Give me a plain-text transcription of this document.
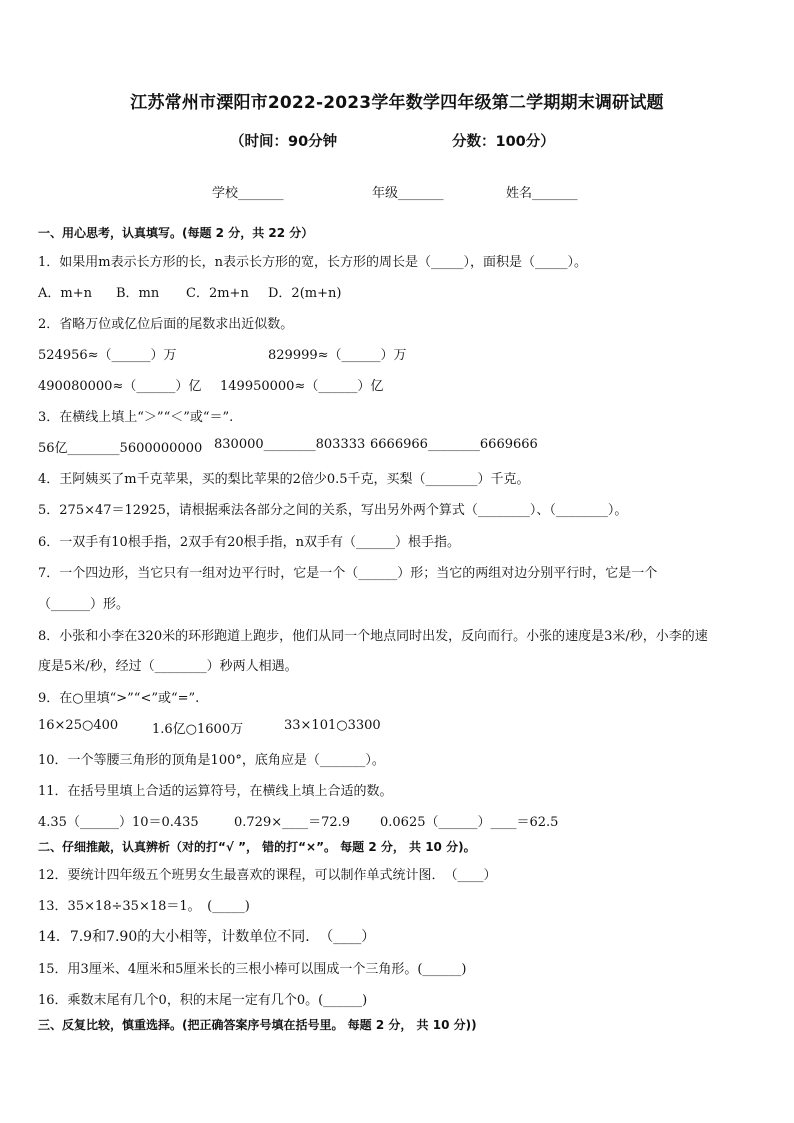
江苏常州市溧阳市2022-2023学年数学四年级第二学期期末调研试题
（时间：90分钟	分数：100分）
学校_______	年级_______	姓名_______
一、用心思考，认真填写。(每题 2 分，共 22 分）
1．如果用m表示长方形的长，n表示长方形的宽，长方形的周长是（_____），面积是（_____）。
A．m+n B．mn C．2m+n D．2(m+n)
2．省略万位或亿位后面的尾数求出近似数。
524956≈（______）万	829999≈（______）万
490080000≈（______）亿 149950000≈（______）亿
3．在横线上填上“＞”“＜”或“＝”.
56亿________5600000000 830000________803333 6666966________6669666
4．王阿姨买了m千克苹果，买的梨比苹果的2倍少0.5千克，买梨（________）千克。
5．275×47＝12925，请根据乘法各部分之间的关系，写出另外两个算式（________）、（________）。
6．一双手有10根手指，2双手有20根手指，n双手有（______）根手指。
7．一个四边形，当它只有一组对边平行时，它是一个（______）形；当它的两组对边分别平行时，它是一个
（______）形。
8．小张和小李在320米的环形跑道上跑步，他们从同一个地点同时出发，反向而行。小张的速度是3米/秒，小李的速
度是5米/秒，经过（________）秒两人相遇。
9．在○里填“>”“<”或“=”.
16×25○400	1.6亿○1600万	33×101○3300
10．一个等腰三角形的顶角是100°，底角应是（_______）。
11．在括号里填上合适的运算符号，在横线上填上合适的数。
4.35（______）10＝0.435	0.729×____＝72.9 0.0625（______）____＝62.5
二、仔细推敲，认真辨析（对的打“√ ”， 错的打“×”。 每题 2 分， 共 10 分)。
12．要统计四年级五个班男女生最喜欢的课程，可以制作单式统计图．　（____）
13．35×18÷35×18＝1。　(_____)
14．7.9和7.90的大小相等，计数单位不同．　（____）
15．用3厘米、4厘米和5厘米长的三根小棒可以围成一个三角形。(______)
16．乘数末尾有几个0，积的末尾一定有几个0。(______)
三、反复比较，慎重选择。(把正确答案序号填在括号里。 每题 2 分， 共 10 分))
